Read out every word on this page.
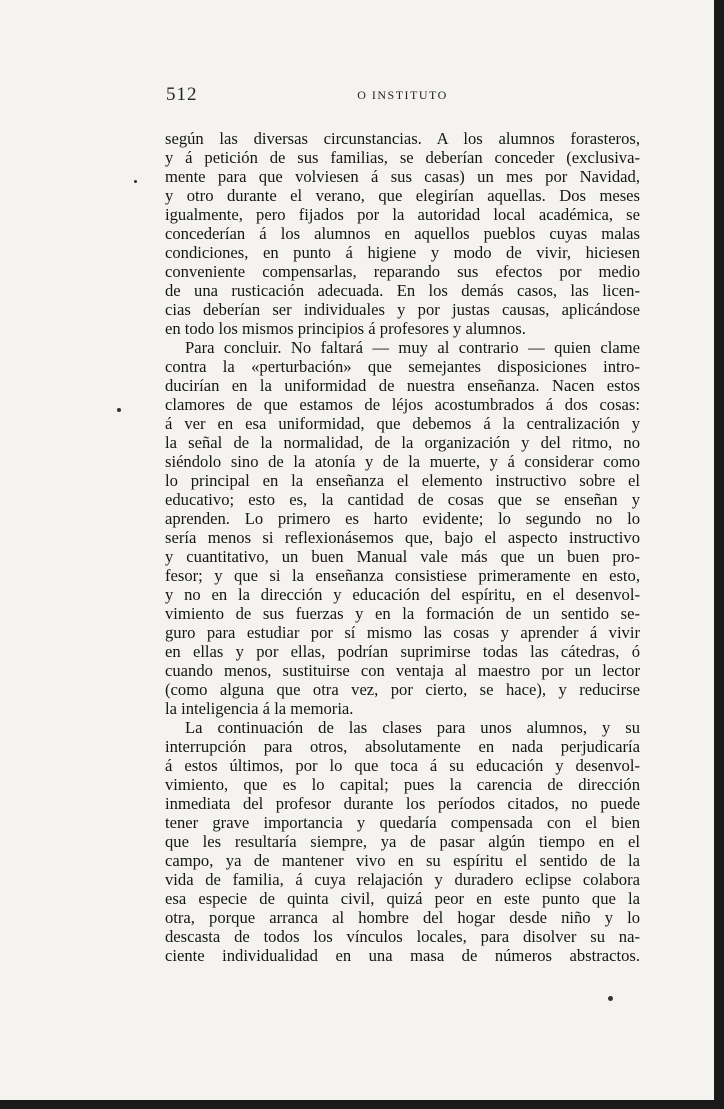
512	O INSTITUTO
según las diversas circunstancias. A los alumnos forasteros,
y á petición de sus familias, se deberían conceder (exclusiva-
mente para que volviesen á sus casas) un mes por Navidad,
y otro durante el verano, que elegirían aquellas. Dos meses
igualmente, pero fijados por la autoridad local académica, se
concederían á los alumnos en aquellos pueblos cuyas malas
condiciones, en punto á higiene y modo de vivir, hiciesen
conveniente compensarlas, reparando sus efectos por medio
de una rusticación adecuada. En los demás casos, las licen-
cias deberían ser individuales y por justas causas, aplicándose
en todo los mismos principios á profesores y alumnos.
Para concluir. No faltará — muy al contrario — quien clame
contra la «perturbación» que semejantes disposiciones intro-
ducirían en la uniformidad de nuestra enseñanza. Nacen estos
clamores de que estamos de léjos acostumbrados á dos cosas:
á ver en esa uniformidad, que debemos á la centralización y
la señal de la normalidad, de la organización y del ritmo, no
siéndolo sino de la atonía y de la muerte, y á considerar como
lo principal en la enseñanza el elemento instructivo sobre el
educativo; esto es, la cantidad de cosas que se enseñan y
aprenden. Lo primero es harto evidente; lo segundo no lo
sería menos si reflexionásemos que, bajo el aspecto instructivo
y cuantitativo, un buen Manual vale más que un buen pro-
fesor; y que si la enseñanza consistiese primeramente en esto,
y no en la dirección y educación del espíritu, en el desenvol-
vimiento de sus fuerzas y en la formación de un sentido se-
guro para estudiar por sí mismo las cosas y aprender á vivir
en ellas y por ellas, podrían suprimirse todas las cátedras, ó
cuando menos, sustituirse con ventaja al maestro por un lector
(como alguna que otra vez, por cierto, se hace), y reducirse
la inteligencia á la memoria.
La continuación de las clases para unos alumnos, y su
interrupción para otros, absolutamente en nada perjudicaría
á estos últimos, por lo que toca á su educación y desenvol-
vimiento, que es lo capital; pues la carencia de dirección
inmediata del profesor durante los períodos citados, no puede
tener grave importancia y quedaría compensada con el bien
que les resultaría siempre, ya de pasar algún tiempo en el
campo, ya de mantener vivo en su espíritu el sentido de la
vida de familia, á cuya relajación y duradero eclipse colabora
esa especie de quinta civil, quizá peor en este punto que la
otra, porque arranca al hombre del hogar desde niño y lo
descasta de todos los vínculos locales, para disolver su na-
ciente individualidad en una masa de números abstractos.
